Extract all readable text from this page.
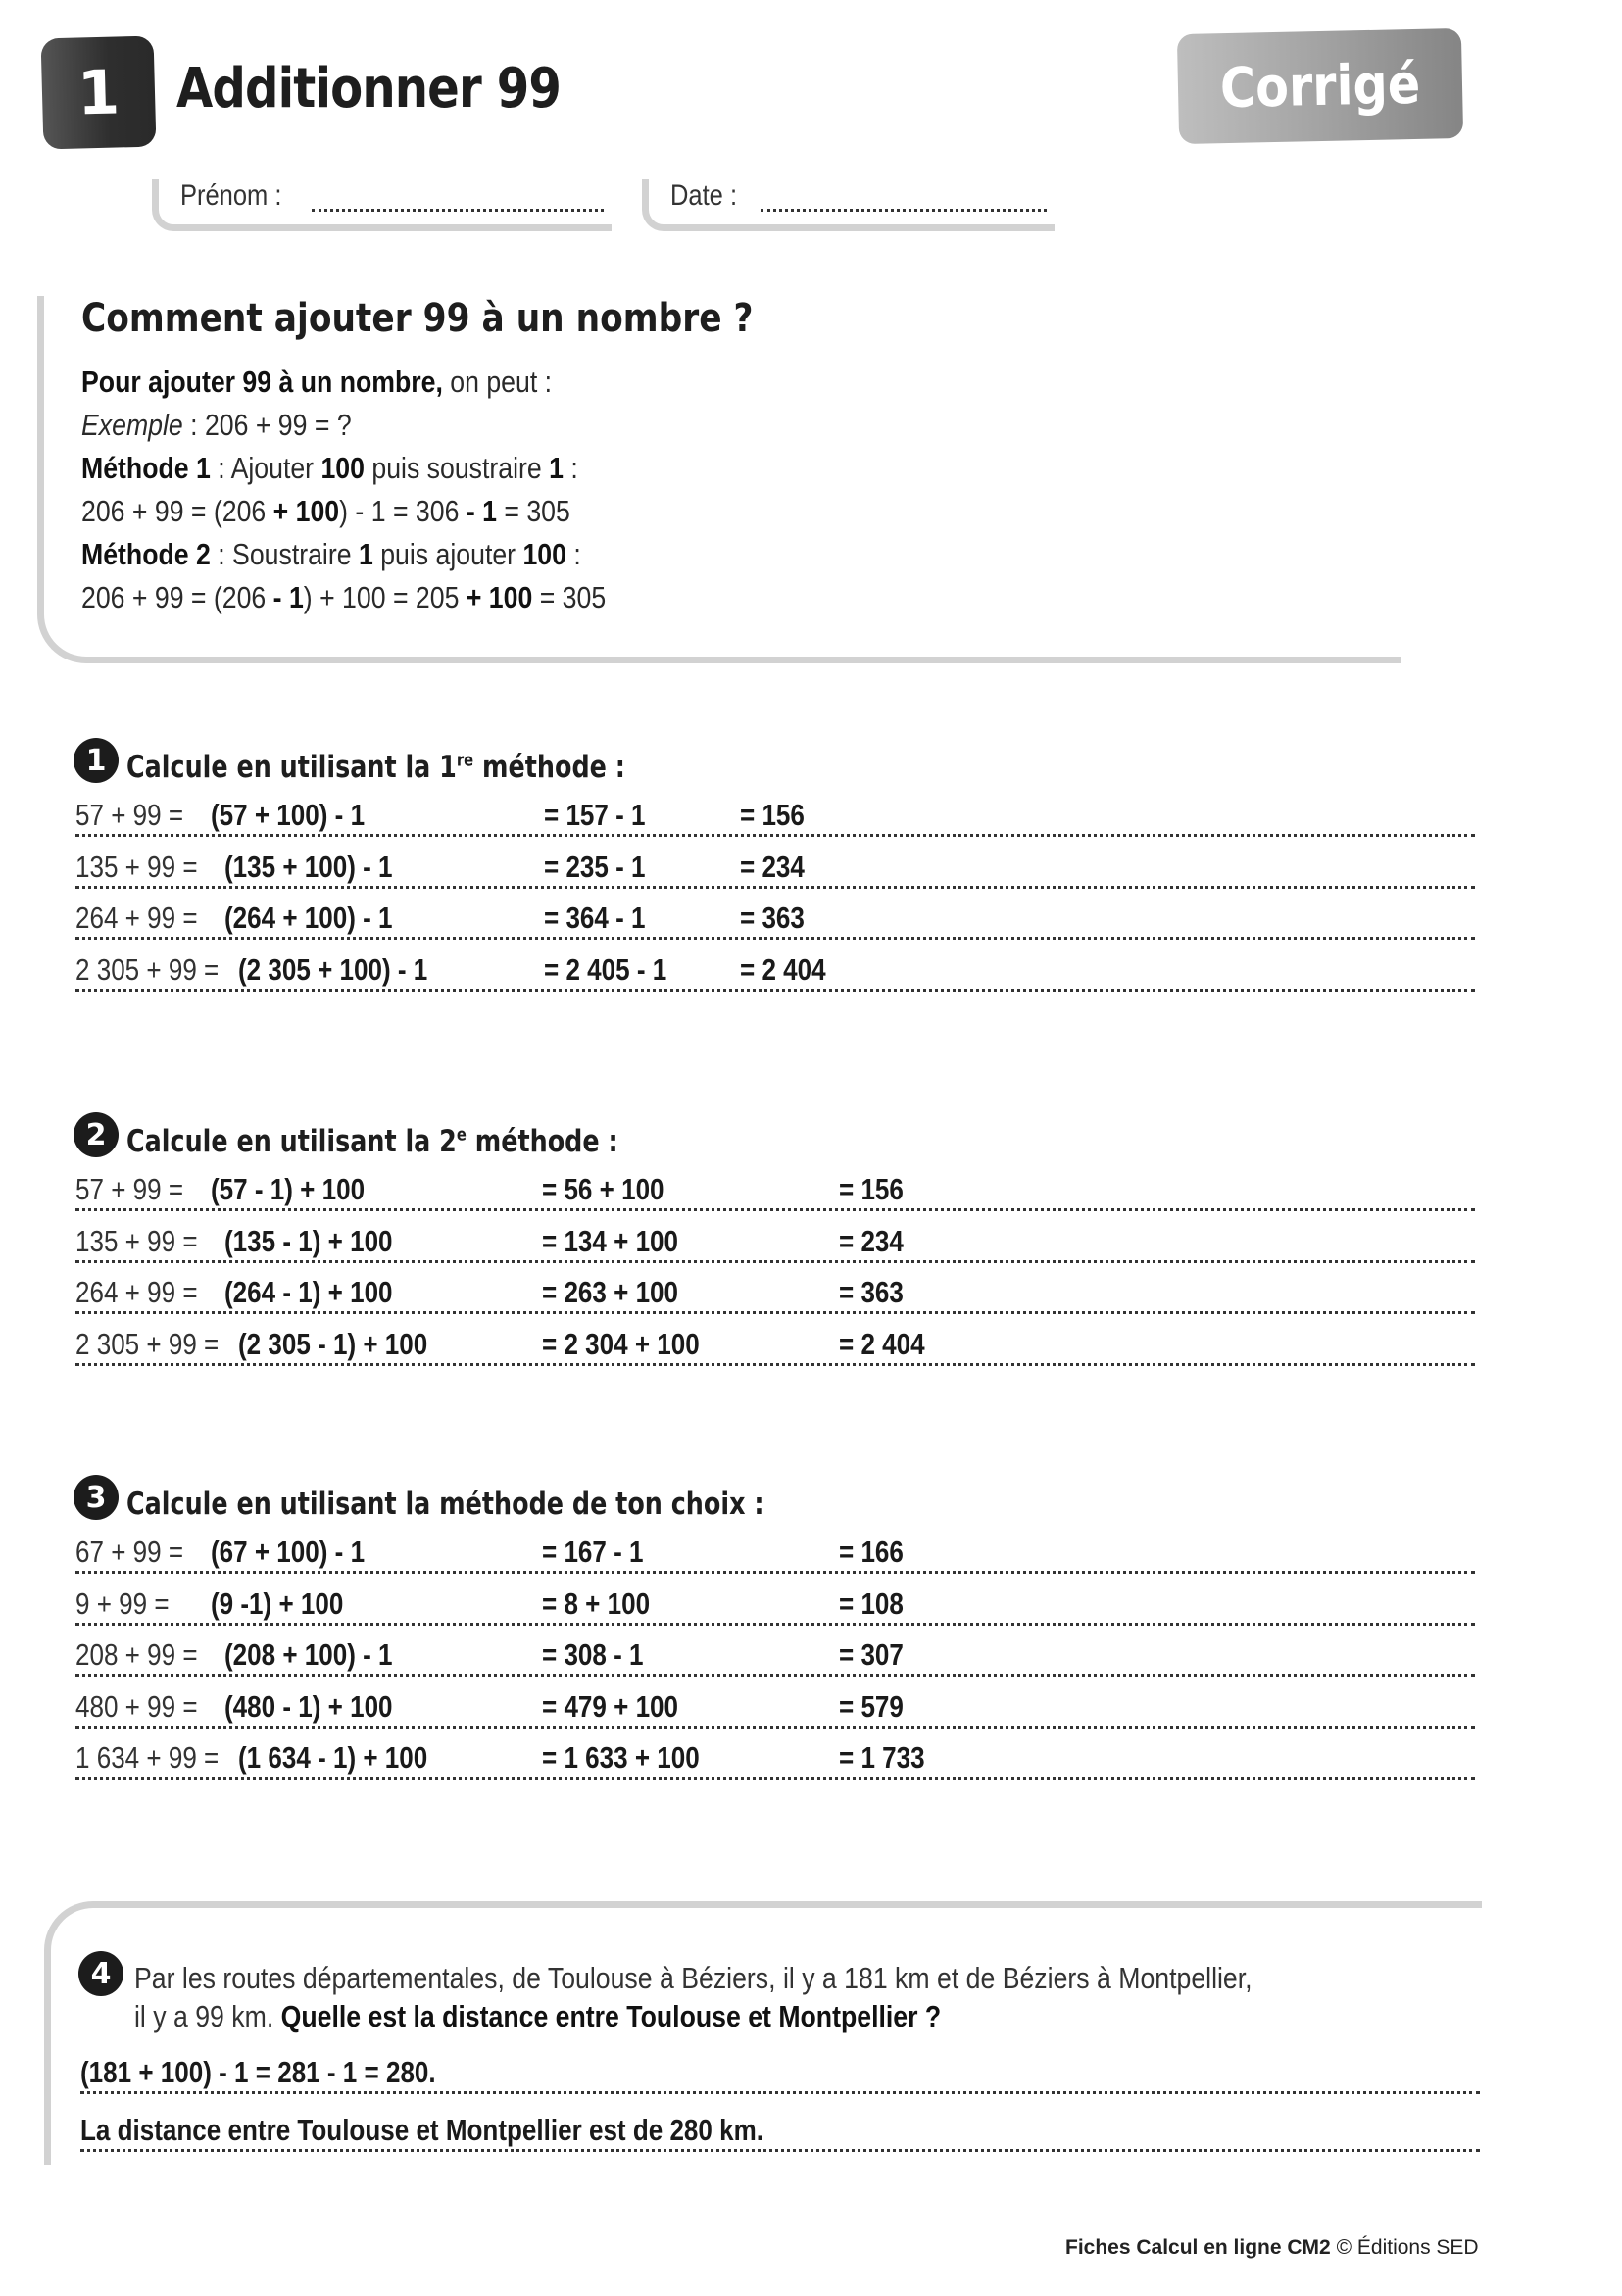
1 Additionner 99	Corrigé
Prénom :	Date :
Comment ajouter 99 à un nombre ?
Pour ajouter 99 à un nombre, on peut :
Exemple : 206 + 99 = ?
Méthode 1 : Ajouter 100 puis soustraire 1 :
206 + 99 = (206 + 100) - 1 = 306 - 1 = 305
Méthode 2 : Soustraire 1 puis ajouter 100 :
206 + 99 = (206 - 1) + 100 = 205 + 100 = 305
1 Calcule en utilisant la 1re méthode :
57 + 99 = (57 + 100) - 1	= 157 - 1	= 156
135 + 99 = (135 + 100) - 1	= 235 - 1	= 234
264 + 99 = (264 + 100) - 1	= 364 - 1	= 363
2 305 + 99 = (2 305 + 100) - 1	= 2 405 - 1 = 2 404
2 Calcule en utilisant la 2e méthode :
57 + 99 = (57 - 1) + 100	= 56 + 100	= 156
135 + 99 = (135 - 1) + 100	= 134 + 100	= 234
264 + 99 = (264 - 1) + 100	= 263 + 100	= 363
2 305 + 99 = (2 305 - 1) + 100	= 2 304 + 100	= 2 404
3 Calcule en utilisant la méthode de ton choix :
67 + 99 = (67 + 100) - 1	= 167 - 1	= 166
9 + 99 = (9 -1) + 100	= 8 + 100	= 108
208 + 99 = (208 + 100) - 1	= 308 - 1	= 307
480 + 99 = (480 - 1) + 100	= 479 + 100	= 579
1 634 + 99 = (1 634 - 1) + 100	= 1 633 + 100	= 1 733
4 Par les routes départementales, de Toulouse à Béziers, il y a 181 km et de Béziers à Montpellier,
il y a 99 km. Quelle est la distance entre Toulouse et Montpellier ?
(181 + 100) - 1 = 281 - 1 = 280.
La distance entre Toulouse et Montpellier est de 280 km.
Fiches Calcul en ligne CM2 © Éditions SED
